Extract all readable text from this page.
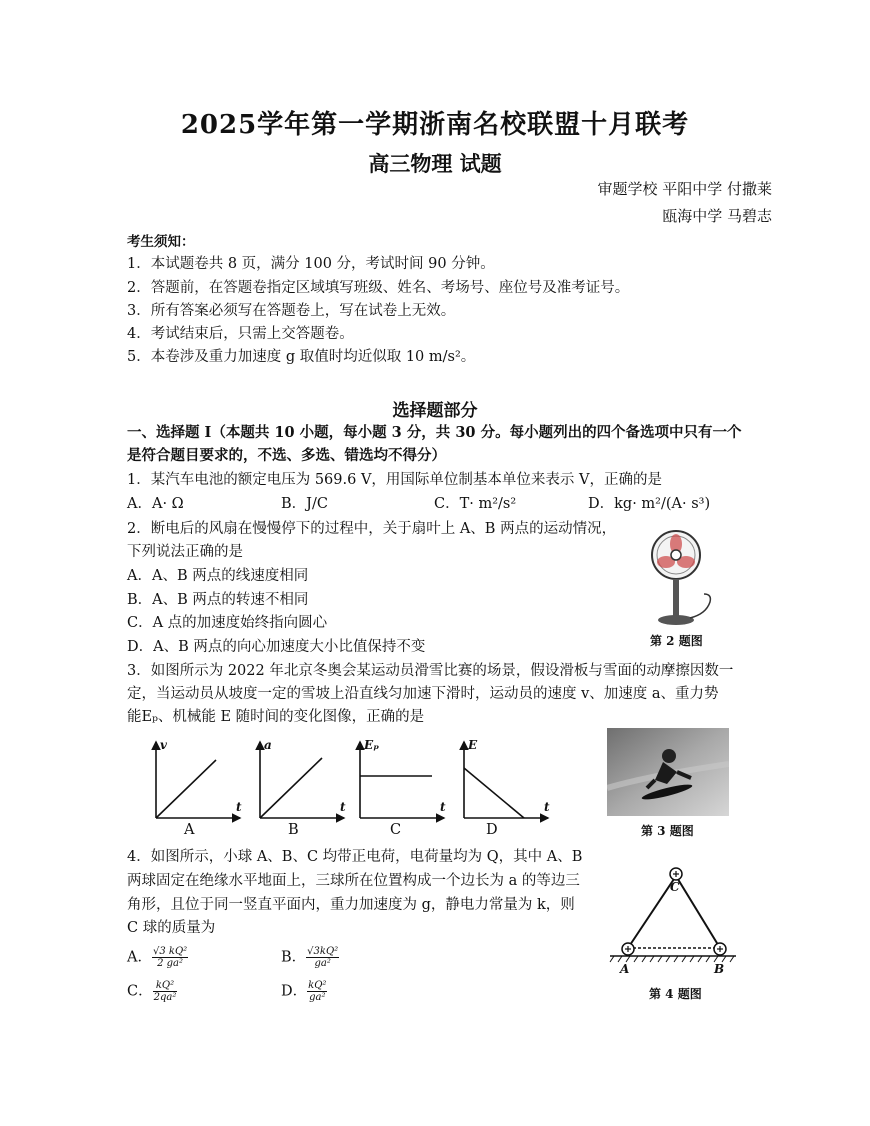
2025学年第一学期浙南名校联盟十月联考
高三物理 试题
审题学校 平阳中学 付撒莱
瓯海中学 马碧志
考生须知：
1．本试题卷共 8 页，满分 100 分，考试时间 90 分钟。
2．答题前，在答题卷指定区域填写班级、姓名、考场号、座位号及准考证号。
3．所有答案必须写在答题卷上，写在试卷上无效。
4．考试结束后，只需上交答题卷。
5．本卷涉及重力加速度 g 取值时均近似取 10 m/s²。
选择题部分
一、选择题 I（本题共 10 小题，每小题 3 分，共 30 分。每小题列出的四个备选项中只有一个
是符合题目要求的，不选、多选、错选均不得分）
1．某汽车电池的额定电压为 569.6 V，用国际单位制基本单位来表示 V，正确的是
A．A· Ω	B．J/C	C．T· m²/s²	D．kg· m²/(A· s³)
2．断电后的风扇在慢慢停下的过程中，关于扇叶上 A、B 两点的运动情况，
下列说法正确的是
A．A、B 两点的线速度相同
B．A、B 两点的转速不相同
C．A 点的加速度始终指向圆心
D．A、B 两点的向心加速度大小比值保持不变	第 2 题图
3．如图所示为 2022 年北京冬奥会某运动员滑雪比赛的场景，假设滑板与雪面的动摩擦因数一
定，当运动员从坡度一定的雪坡上沿直线匀加速下滑时，运动员的速度 v、加速度 a、重力势
能Eₚ、机械能 E 随时间的变化图像，正确的是
v
t
A
a
t
B
Eₚ
t
C
E
t
D	第 3 题图
4．如图所示，小球 A、B、C 均带正电荷，电荷量均为 Q，其中 A、B
两球固定在绝缘水平地面上，三球所在位置构成一个边长为 a 的等边三
角形，且位于同一竖直平面内，重力加速度为 g，静电力常量为 k，则
C 球的质量为
A． $\frac{\text{√3 kQ²}}{\text{2 ga²}}$	B． $\frac{\text{√3kQ²}}{\text{ga²}}$
C． $\frac{\text{kQ²}}{\text{2qa²}}$	D． $\frac{\text{kQ²}}{\text{ga²}}$
C
A	B
第 4 题图
